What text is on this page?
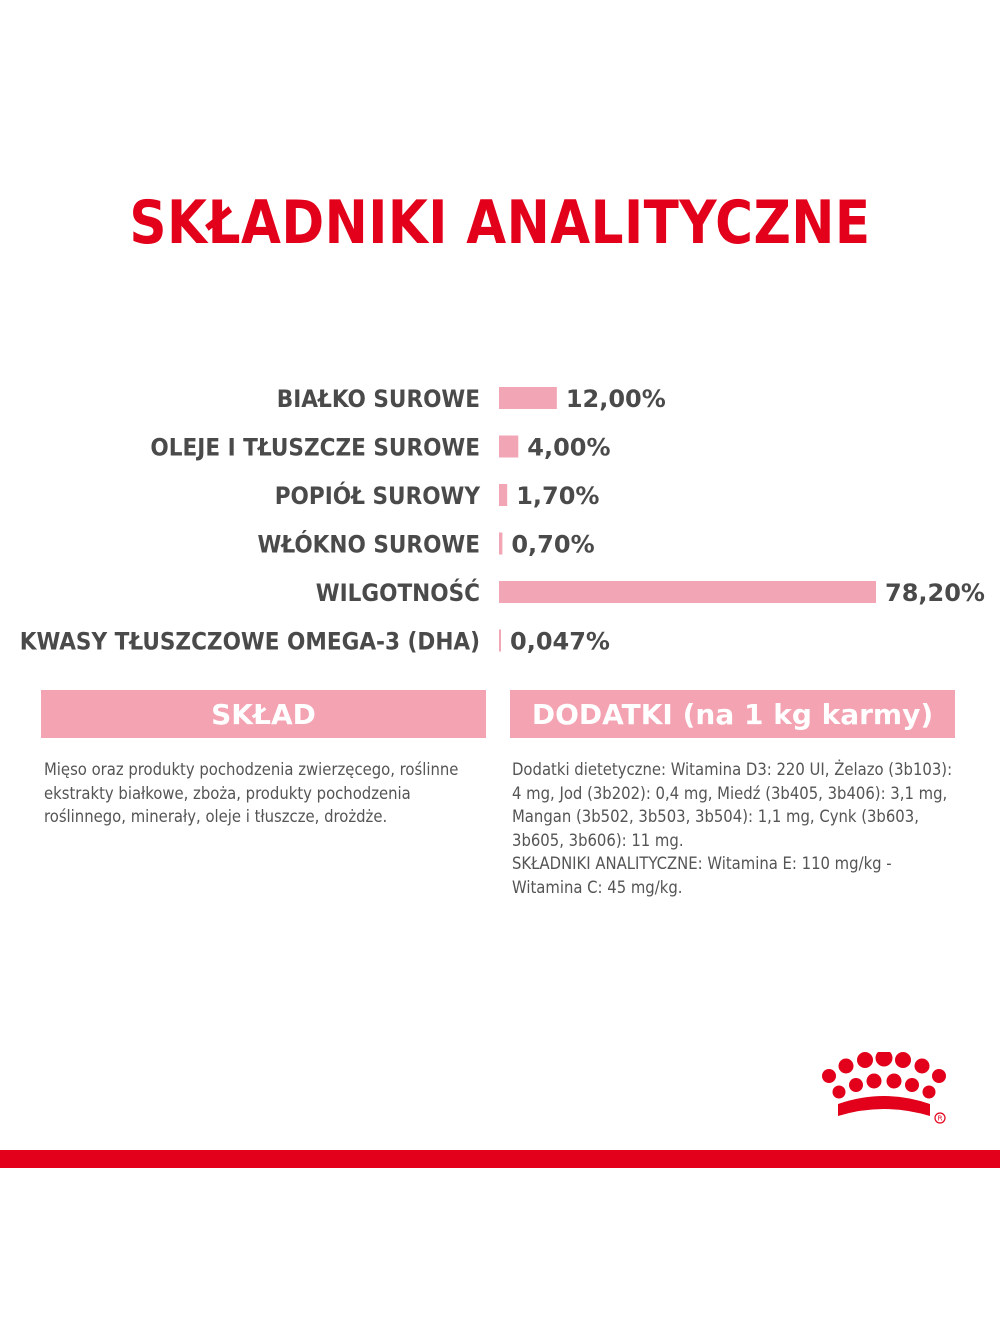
SKŁADNIKI ANALITYCZNE
BIAŁKO SUROWE	12,00%
OLEJE I TŁUSZCZE SUROWE 4,00%
POPIÓŁ SUROWY 1,70%
WŁÓKNO SUROWE 0,70%
WILGOTNOŚĆ	78,20%
KWASY TŁUSZCZOWE OMEGA-3 (DHA) 0,047%
SKŁAD	DODATKI (na 1 kg karmy)
Mięso oraz produkty pochodzenia zwierzęcego, roślinne ekstrakty białkowe, zboża, produkty pochodzenia roślinnego, minerały, oleje i tłuszcze, drożdże.
Dodatki dietetyczne: Witamina D3: 220 UI, Żelazo (3b103): 4 mg, Jod (3b202): 0,4 mg, Miedź (3b405, 3b406): 3,1 mg, Mangan (3b502, 3b503, 3b504): 1,1 mg, Cynk (3b603, 3b605, 3b606): 11 mg.
SKŁADNIKI ANALITYCZNE: Witamina E: 110 mg/kg - Witamina C: 45 mg/kg.
R
